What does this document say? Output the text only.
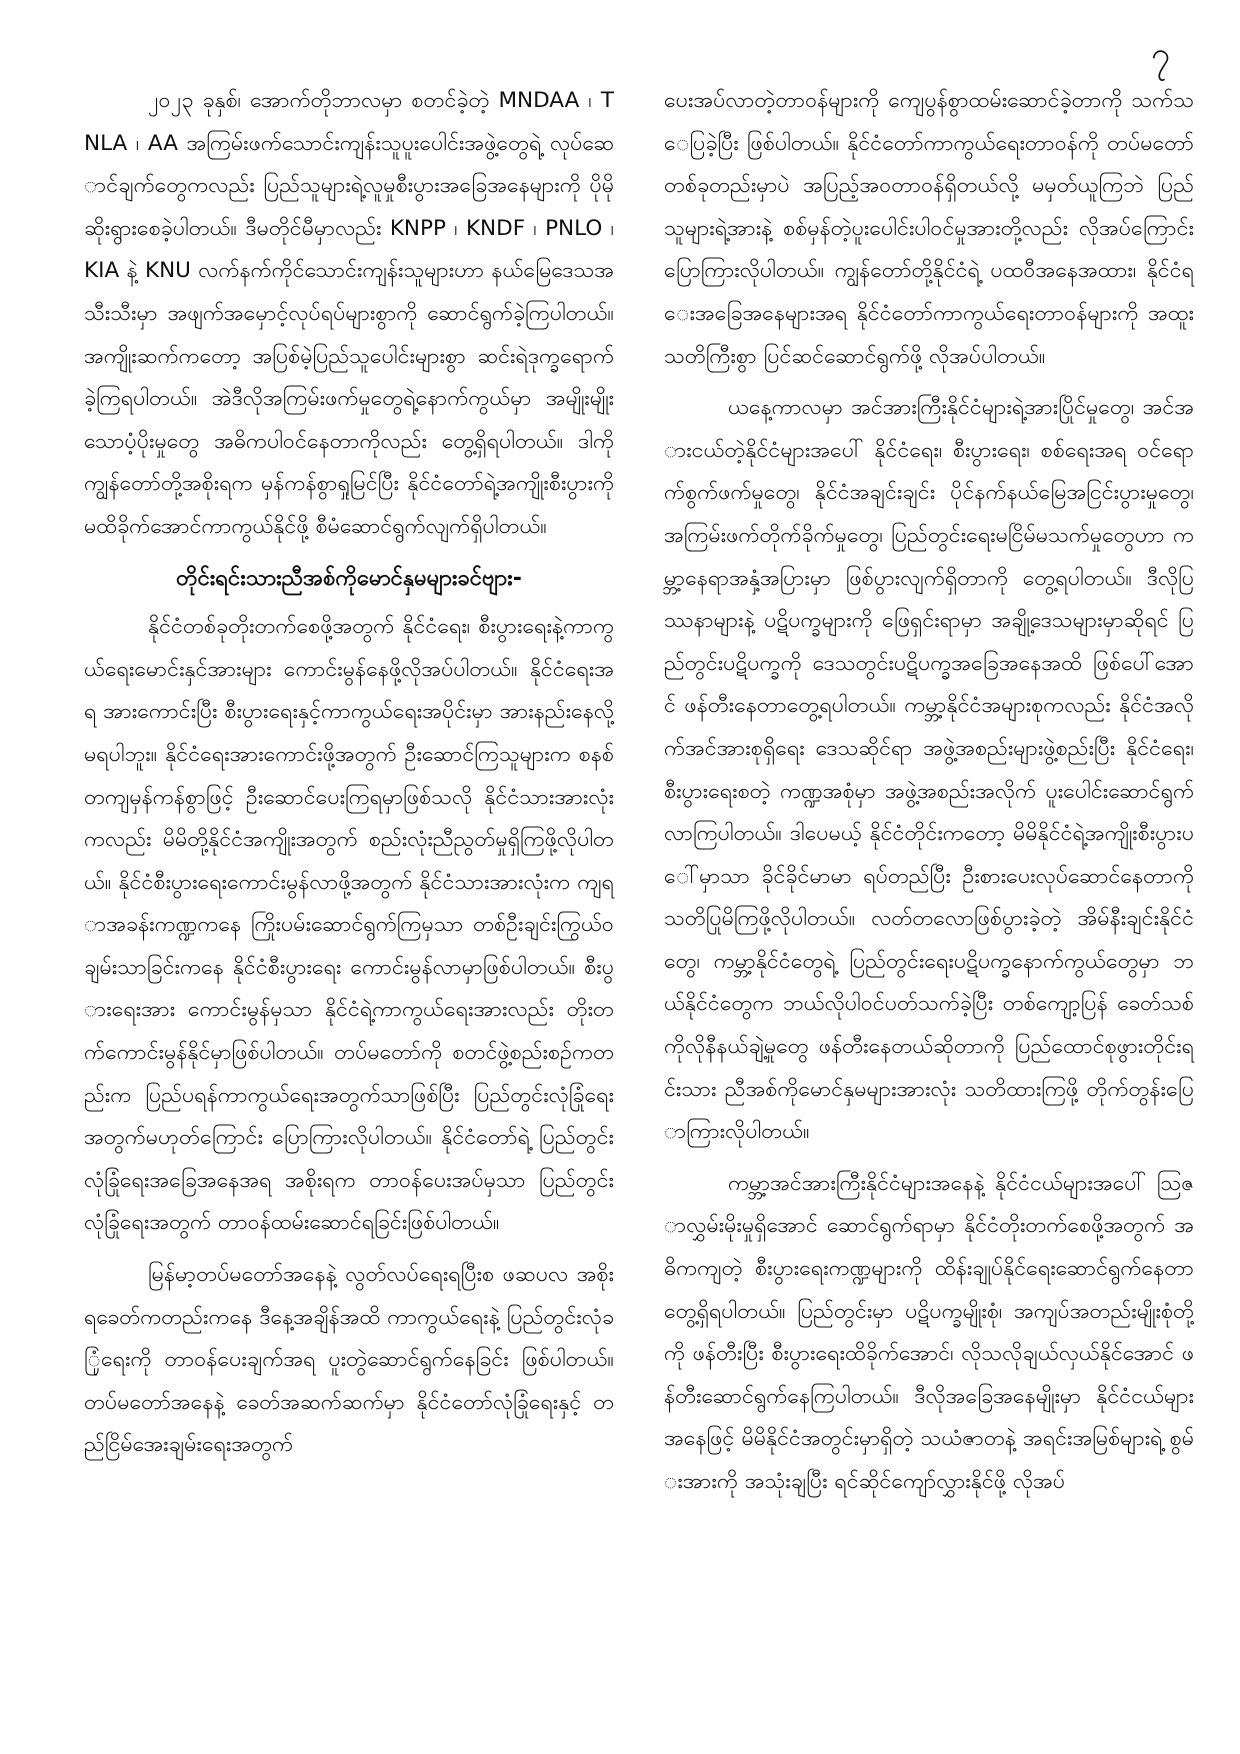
၇

၂၀၂၃ ခုနှစ်၊ အောက်တိုဘာလမှာ စတင်ခဲ့တဲ့ MNDAA ၊ TNLA ၊ AA အကြမ်းဖက်သောင်းကျန်းသူပူးပေါင်းအဖွဲ့တွေရဲ့ လုပ်ဆောင်ချက်တွေကလည်း ပြည်သူများရဲ့လူမှုစီးပွားအခြေအနေများကို ပိုမိုဆိုးရွားစေခဲ့ပါတယ်။ ဒီမတိုင်မီမှာလည်း KNPP ၊ KNDF ၊ PNLO ၊ KIA နဲ့ KNU လက်နက်ကိုင်သောင်းကျန်းသူများဟာ နယ်မြေဒေသအသီးသီးမှာ အဖျက်အမှောင့်လုပ်ရပ်များစွာကို ဆောင်ရွက်ခဲ့ကြပါတယ်။ အကျိုးဆက်ကတော့ အပြစ်မဲ့ပြည်သူပေါင်းများစွာ ဆင်းရဲဒုက္ခရောက်ခဲ့ကြရပါတယ်။ အဲဒီလိုအကြမ်းဖက်မှုတွေရဲ့နောက်ကွယ်မှာ အမျိုးမျိုးသောပံ့ပိုးမှုတွေ အဓိကပါဝင်နေတာကိုလည်း တွေ့ရှိရပါတယ်။ ဒါကို ကျွန်တော်တို့အစိုးရက မှန်ကန်စွာရှုမြင်ပြီး နိုင်ငံတော်ရဲ့အကျိုးစီးပွားကို မထိခိုက်အောင်ကာကွယ်နိုင်ဖို့ စီမံဆောင်ရွက်လျက်ရှိပါတယ်။

တိုင်းရင်းသားညီအစ်ကိုမောင်နှမများခင်ဗျား-

နိုင်ငံတစ်ခုတိုးတက်စေဖို့အတွက် နိုင်ငံရေး၊ စီးပွားရေးနဲ့ကာကွယ်ရေးမောင်းနှင်အားများ ကောင်းမွန်နေဖို့လိုအပ်ပါတယ်။ နိုင်ငံရေးအရ အားကောင်းပြီး စီးပွားရေးနှင့်ကာကွယ်ရေးအပိုင်းမှာ အားနည်းနေလို့မရပါဘူး။ နိုင်ငံရေးအားကောင်းဖို့အတွက် ဦးဆောင်ကြသူများက စနစ်တကျမှန်ကန်စွာဖြင့် ဦးဆောင်ပေးကြရမှာဖြစ်သလို နိုင်ငံသားအားလုံးကလည်း မိမိတို့နိုင်ငံအကျိုးအတွက် စည်းလုံးညီညွတ်မှုရှိကြဖို့လိုပါတယ်။ နိုင်ငံစီးပွားရေးကောင်းမွန်လာဖို့အတွက် နိုင်ငံသားအားလုံးက ကျရာအခန်းကဏ္ဍကနေ ကြိုးပမ်းဆောင်ရွက်ကြမှသာ တစ်ဦးချင်းကြွယ်ဝချမ်းသာခြင်းကနေ နိုင်ငံစီးပွားရေး ကောင်းမွန်လာမှာဖြစ်ပါတယ်။ စီးပွားရေးအား ကောင်းမွန်မှသာ နိုင်ငံရဲ့ကာကွယ်ရေးအားလည်း တိုးတက်ကောင်းမွန်နိုင်မှာဖြစ်ပါတယ်။ တပ်မတော်ကို စတင်ဖွဲ့စည်းစဉ်ကတည်းက ပြည်ပရန်ကာကွယ်ရေးအတွက်သာဖြစ်ပြီး ပြည်တွင်းလုံခြုံရေးအတွက်မဟုတ်ကြောင်း ပြောကြားလိုပါတယ်။ နိုင်ငံတော်ရဲ့ ပြည်တွင်းလုံခြုံရေးအခြေအနေအရ အစိုးရက တာဝန်ပေးအပ်မှသာ ပြည်တွင်းလုံခြုံရေးအတွက် တာဝန်ထမ်းဆောင်ရခြင်းဖြစ်ပါတယ်။

မြန်မာ့တပ်မတော်အနေနဲ့ လွတ်လပ်ရေးရပြီးစ ဖဆပလ အစိုးရခေတ်ကတည်းကနေ ဒီနေ့အချိန်အထိ ကာကွယ်ရေးနဲ့ ပြည်တွင်းလုံခြုံရေးကို တာဝန်ပေးချက်အရ ပူးတွဲဆောင်ရွက်နေခြင်း ဖြစ်ပါတယ်။ တပ်မတော်အနေနဲ့ ခေတ်အဆက်ဆက်မှာ နိုင်ငံတော်လုံခြုံရေးနှင့် တည်ငြိမ်အေးချမ်းရေးအတွက်

ပေးအပ်လာတဲ့တာဝန်များကို ကျေပွန်စွာထမ်းဆောင်ခဲ့တာကို သက်သေပြခဲ့ပြီး ဖြစ်ပါတယ်။ နိုင်ငံတော်ကာကွယ်ရေးတာဝန်ကို တပ်မတော်တစ်ခုတည်းမှာပဲ အပြည့်အဝတာဝန်ရှိတယ်လို့ မမှတ်ယူကြဘဲ ပြည်သူများရဲ့အားနဲ့ စစ်မှန်တဲ့ပူးပေါင်းပါဝင်မှုအားတို့လည်း လိုအပ်ကြောင်း ပြောကြားလိုပါတယ်။ ကျွန်တော်တို့နိုင်ငံရဲ့ ပထဝီအနေအထား၊ နိုင်ငံရေးအခြေအနေများအရ နိုင်ငံတော်ကာကွယ်ရေးတာဝန်များကို အထူးသတိကြီးစွာ ပြင်ဆင်ဆောင်ရွက်ဖို့ လိုအပ်ပါတယ်။

ယနေ့ကာလမှာ အင်အားကြီးနိုင်ငံများရဲ့အားပြိုင်မှုတွေ၊ အင်အားငယ်တဲ့နိုင်ငံများအပေါ် နိုင်ငံရေး၊ စီးပွားရေး၊ စစ်ရေးအရ ဝင်ရောက်စွက်ဖက်မှုတွေ၊ နိုင်ငံအချင်းချင်း ပိုင်နက်နယ်မြေအငြင်းပွားမှုတွေ၊ အကြမ်းဖက်တိုက်ခိုက်မှုတွေ၊ ပြည်တွင်းရေးမငြိမ်မသက်မှုတွေဟာ ကမ္ဘာ့နေရာအနှံ့အပြားမှာ ဖြစ်ပွားလျက်ရှိတာကို တွေ့ရပါတယ်။ ဒီလိုပြဿနာများနဲ့ ပဋိပက္ခများကို ဖြေရှင်းရာမှာ အချို့ဒေသများမှာဆိုရင် ပြည်တွင်းပဋိပက္ခကို ဒေသတွင်းပဋိပက္ခအခြေအနေအထိ ဖြစ်ပေါ်အောင် ဖန်တီးနေတာတွေ့ရပါတယ်။ ကမ္ဘာ့နိုင်ငံအများစုကလည်း နိုင်ငံအလိုက်အင်အားစုရှိရေး ဒေသဆိုင်ရာ အဖွဲ့အစည်းများဖွဲ့စည်းပြီး နိုင်ငံရေး၊ စီးပွားရေးစတဲ့ ကဏ္ဍအစုံမှာ အဖွဲ့အစည်းအလိုက် ပူးပေါင်းဆောင်ရွက်လာကြပါတယ်။ ဒါပေမယ့် နိုင်ငံတိုင်းကတော့ မိမိနိုင်ငံရဲ့အကျိုးစီးပွားပေါ်မှာသာ ခိုင်ခိုင်မာမာ ရပ်တည်ပြီး ဦးစားပေးလုပ်ဆောင်နေတာကို သတိပြုမိကြဖို့လိုပါတယ်။ လတ်တလောဖြစ်ပွားခဲ့တဲ့ အိမ်နီးချင်းနိုင်ငံတွေ၊ ကမ္ဘာ့နိုင်ငံတွေရဲ့ ပြည်တွင်းရေးပဋိပက္ခနောက်ကွယ်တွေမှာ ဘယ်နိုင်ငံတွေက ဘယ်လိုပါဝင်ပတ်သက်ခဲ့ပြီး တစ်ကျော့ပြန် ခေတ်သစ်ကိုလိုနီနယ်ချဲ့မှုတွေ ဖန်တီးနေတယ်ဆိုတာကို ပြည်ထောင်စုဖွားတိုင်းရင်းသား ညီအစ်ကိုမောင်နှမများအားလုံး သတိထားကြဖို့ တိုက်တွန်းပြောကြားလိုပါတယ်။

ကမ္ဘာ့အင်အားကြီးနိုင်ငံများအနေနဲ့ နိုင်ငံငယ်များအပေါ် ဩဇာလွှမ်းမိုးမှုရှိအောင် ဆောင်ရွက်ရာမှာ နိုင်ငံတိုးတက်စေဖို့အတွက် အဓိကကျတဲ့ စီးပွားရေးကဏ္ဍများကို ထိန်းချုပ်နိုင်ရေးဆောင်ရွက်နေတာ တွေ့ရှိရပါတယ်။ ပြည်တွင်းမှာ ပဋိပက္ခမျိုးစုံ၊ အကျပ်အတည်းမျိုးစုံတို့ကို ဖန်တီးပြီး စီးပွားရေးထိခိုက်အောင်၊ လိုသလိုချယ်လှယ်နိုင်အောင် ဖန်တီးဆောင်ရွက်နေကြပါတယ်။ ဒီလိုအခြေအနေမျိုးမှာ နိုင်ငံငယ်များအနေဖြင့် မိမိနိုင်ငံအတွင်းမှာရှိတဲ့ သယံဇာတနဲ့ အရင်းအမြစ်များရဲ့ စွမ်းအားကို အသုံးချပြီး ရင်ဆိုင်ကျော်လွှားနိုင်ဖို့ လိုအပ်
